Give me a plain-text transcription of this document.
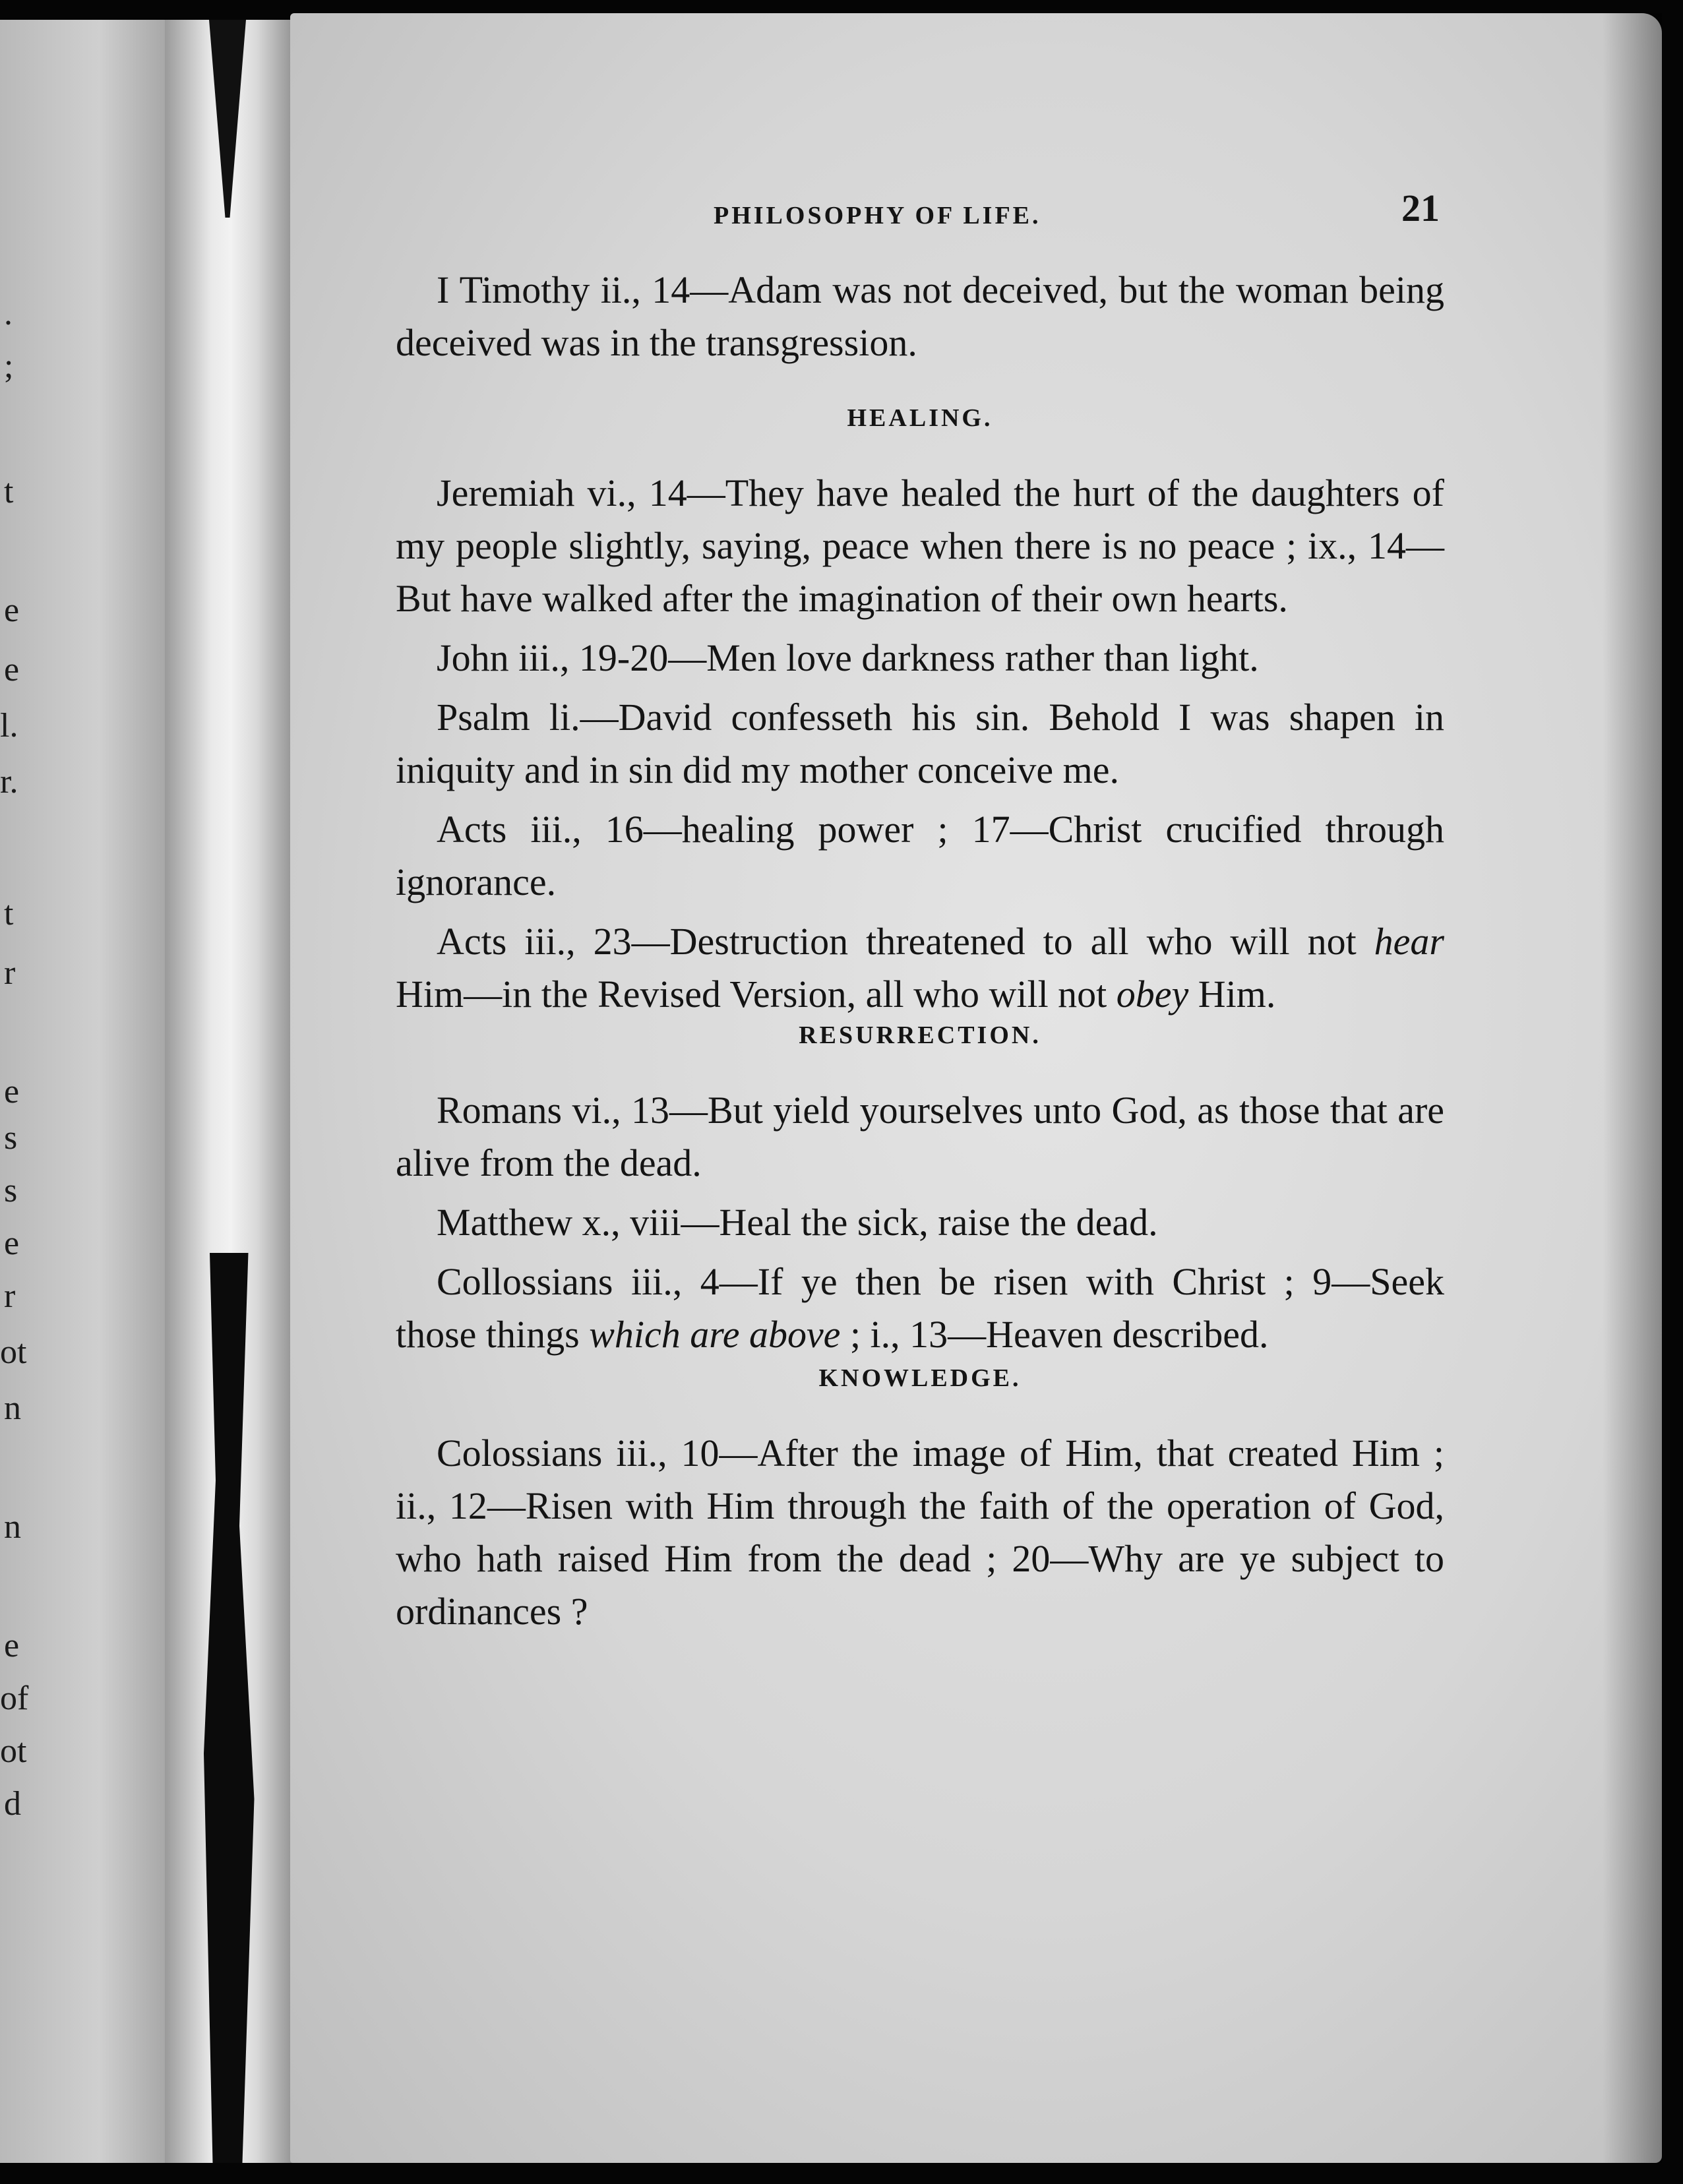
.
;
t
e
e
l.
r.
t
r
e
s
s
e
r
ot
n
n
e
of
ot
d
PHILOSOPHY OF LIFE.	21

I Timothy ii., 14—Adam was not deceived, but the woman being deceived was in the transgression.

HEALING.

Jeremiah vi., 14—They have healed the hurt of the daughters of my people slightly, saying, peace when there is no peace ; ix., 14—But have walked after the imagination of their own hearts.

John iii., 19-20—Men love darkness rather than light.

Psalm li.—David confesseth his sin. Behold I was shapen in iniquity and in sin did my mother conceive me.

Acts iii., 16—healing power ; 17—Christ crucified through ignorance.

Acts iii., 23—Destruction threatened to all who will not hear Him—in the Revised Version, all who will not obey Him.

RESURRECTION.

Romans vi., 13—But yield yourselves unto God, as those that are alive from the dead.

Matthew x., viii—Heal the sick, raise the dead.

Collossians iii., 4—If ye then be risen with Christ ; 9—Seek those things which are above ; i., 13—Heaven described.

KNOWLEDGE.

Colossians iii., 10—After the image of Him, that created Him ; ii., 12—Risen with Him through the faith of the operation of God, who hath raised Him from the dead ; 20—Why are ye subject to ordinances ?
